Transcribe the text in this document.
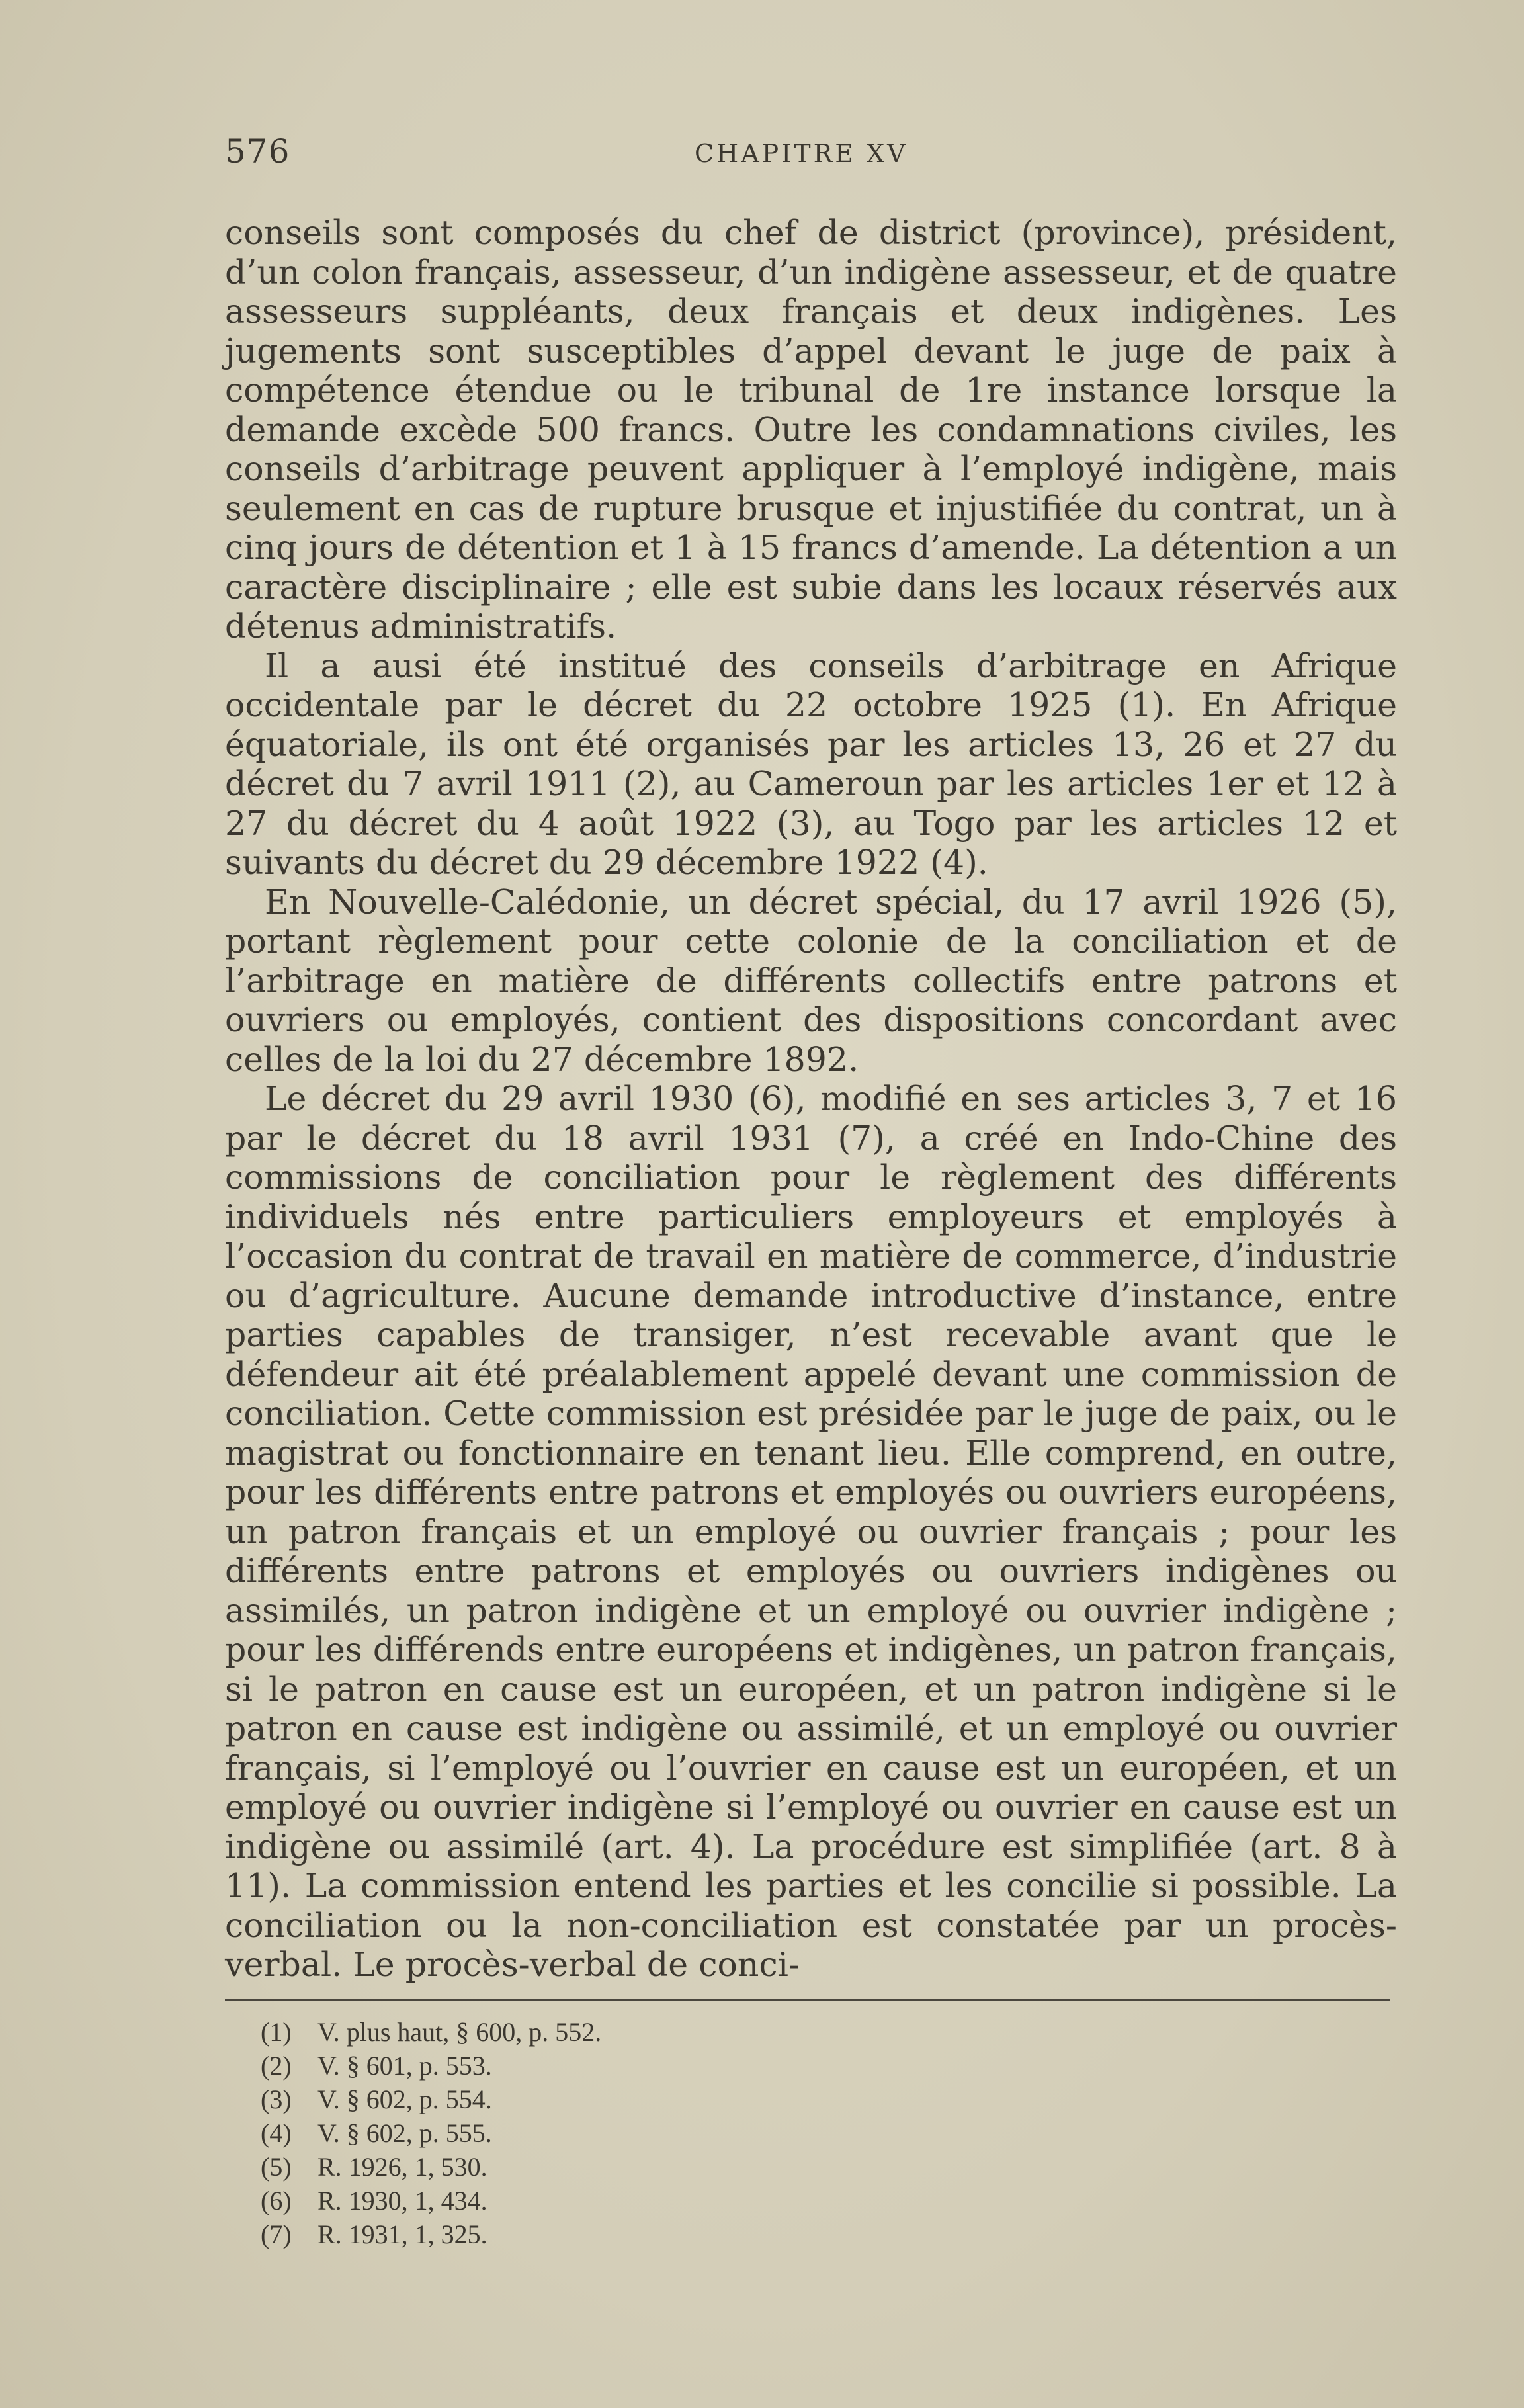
576	CHAPITRE XV

conseils sont composés du chef de district (province), président, d’un colon français, assesseur, d’un indigène assesseur, et de quatre assesseurs suppléants, deux français et deux indigènes. Les jugements sont susceptibles d’appel devant le juge de paix à compétence étendue ou le tribunal de 1re instance lorsque la demande excède 500 francs. Outre les condamnations civiles, les conseils d’arbitrage peuvent appliquer à l’employé indigène, mais seulement en cas de rupture brusque et injustifiée du contrat, un à cinq jours de détention et 1 à 15 francs d’amende. La détention a un caractère disciplinaire ; elle est subie dans les locaux réservés aux détenus administratifs.

Il a ausi été institué des conseils d’arbitrage en Afrique occidentale par le décret du 22 octobre 1925 (1). En Afrique équatoriale, ils ont été organisés par les articles 13, 26 et 27 du décret du 7 avril 1911 (2), au Cameroun par les articles 1er et 12 à 27 du décret du 4 août 1922 (3), au Togo par les articles 12 et suivants du décret du 29 décembre 1922 (4).

En Nouvelle-Calédonie, un décret spécial, du 17 avril 1926 (5), portant règlement pour cette colonie de la conciliation et de l’arbitrage en matière de différents collectifs entre patrons et ouvriers ou employés, contient des dispositions concordant avec celles de la loi du 27 décembre 1892.

Le décret du 29 avril 1930 (6), modifié en ses articles 3, 7 et 16 par le décret du 18 avril 1931 (7), a créé en Indo-Chine des commissions de conciliation pour le règlement des différents individuels nés entre particuliers employeurs et employés à l’occasion du contrat de travail en matière de commerce, d’industrie ou d’agriculture. Aucune demande introductive d’instance, entre parties capables de transiger, n’est recevable avant que le défendeur ait été préalablement appelé devant une commission de conciliation. Cette commission est présidée par le juge de paix, ou le magistrat ou fonctionnaire en tenant lieu. Elle comprend, en outre, pour les différents entre patrons et employés ou ouvriers européens, un patron français et un employé ou ouvrier français ; pour les différents entre patrons et employés ou ouvriers indigènes ou assimilés, un patron indigène et un employé ou ouvrier indigène ; pour les différends entre européens et indigènes, un patron français, si le patron en cause est un européen, et un patron indigène si le patron en cause est indigène ou assimilé, et un employé ou ouvrier français, si l’employé ou l’ouvrier en cause est un européen, et un employé ou ouvrier indigène si l’employé ou ouvrier en cause est un indigène ou assimilé (art. 4). La procédure est simplifiée (art. 8 à 11). La commission entend les parties et les concilie si possible. La conciliation ou la non-conciliation est constatée par un procès-verbal. Le procès-verbal de conci-

(1) V. plus haut, § 600, p. 552.
(2) V. § 601, p. 553.
(3) V. § 602, p. 554.
(4) V. § 602, p. 555.
(5) R. 1926, 1, 530.
(6) R. 1930, 1, 434.
(7) R. 1931, 1, 325.
